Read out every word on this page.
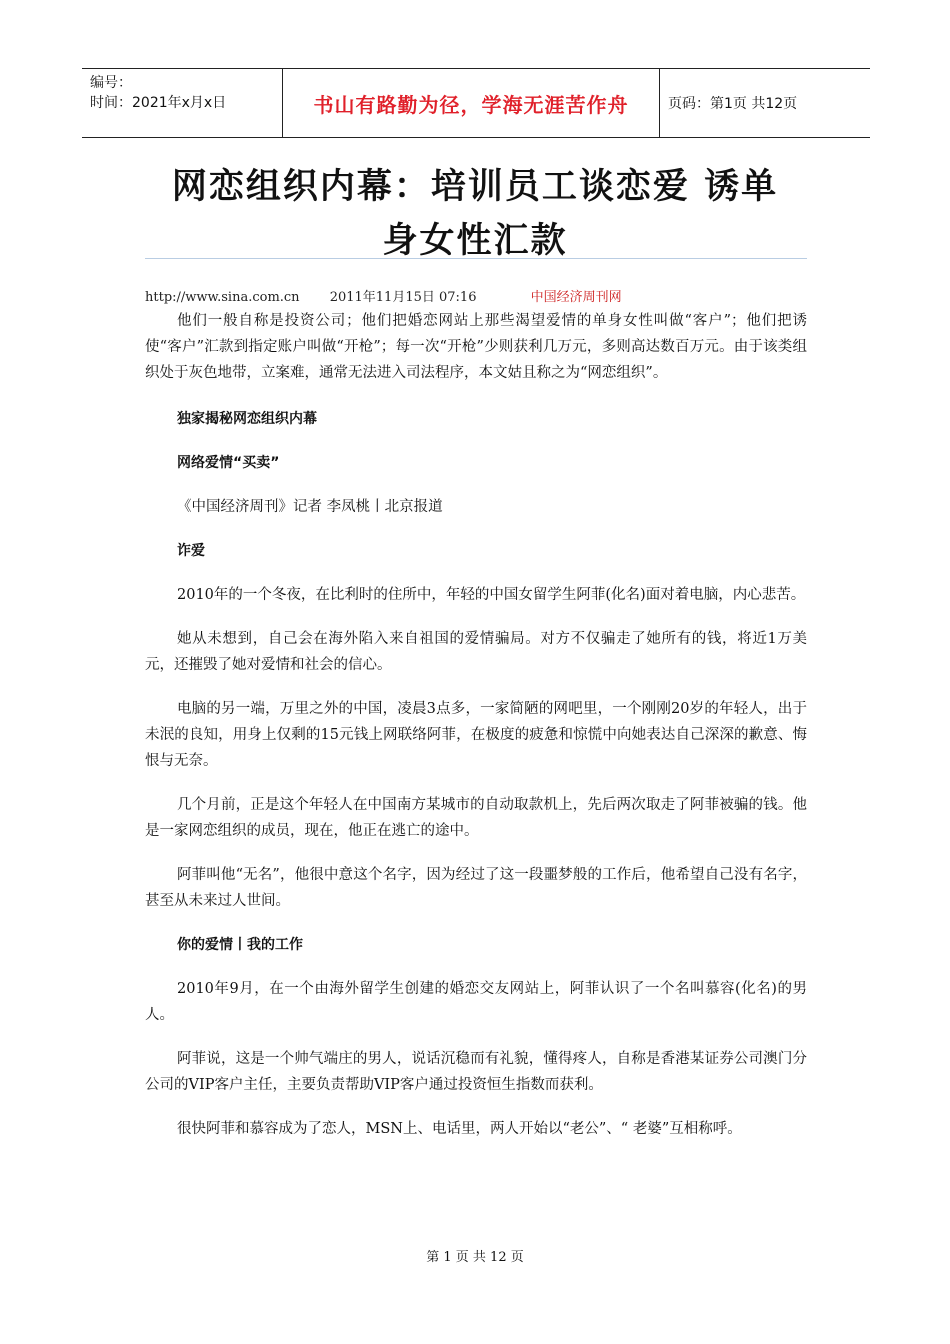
编号：
时间：2021年x月x日	书山有路勤为径，学海无涯苦作舟	页码：第1页 共12页
网恋组织内幕：培训员工谈恋爱 诱单
身女性汇款
http://www.sina.com.cn 2011年11月15日 07:16	中国经济周刊网

他们一般自称是投资公司；他们把婚恋网站上那些渴望爱情的单身女性叫做“客户”；他们把诱使“客户”汇款到指定账户叫做“开枪”；每一次“开枪”少则获利几万元，多则高达数百万元。由于该类组织处于灰色地带，立案难，通常无法进入司法程序，本文姑且称之为“网恋组织”。

独家揭秘网恋组织内幕

网络爱情“买卖”

《中国经济周刊》记者 李凤桃丨北京报道

诈爱

2010年的一个冬夜，在比利时的住所中，年轻的中国女留学生阿菲(化名)面对着电脑，内心悲苦。

她从未想到，自己会在海外陷入来自祖国的爱情骗局。对方不仅骗走了她所有的钱，将近1万美元，还摧毁了她对爱情和社会的信心。

电脑的另一端，万里之外的中国，凌晨3点多，一家简陋的网吧里，一个刚刚20岁的年轻人，出于未泯的良知，用身上仅剩的15元钱上网联络阿菲，在极度的疲惫和惊慌中向她表达自己深深的歉意、悔恨与无奈。

几个月前，正是这个年轻人在中国南方某城市的自动取款机上，先后两次取走了阿菲被骗的钱。他是一家网恋组织的成员，现在，他正在逃亡的途中。

阿菲叫他“无名”，他很中意这个名字，因为经过了这一段噩梦般的工作后，他希望自己没有名字，甚至从未来过人世间。

你的爱情丨我的工作

2010年9月，在一个由海外留学生创建的婚恋交友网站上，阿菲认识了一个名叫慕容(化名)的男人。

阿菲说，这是一个帅气端庄的男人，说话沉稳而有礼貌，懂得疼人，自称是香港某证券公司澳门分公司的VIP客户主任，主要负责帮助VIP客户通过投资恒生指数而获利。

很快阿菲和慕容成为了恋人，MSN上、电话里，两人开始以“老公”、“ 老婆”互相称呼。

第 1 页 共 12 页
